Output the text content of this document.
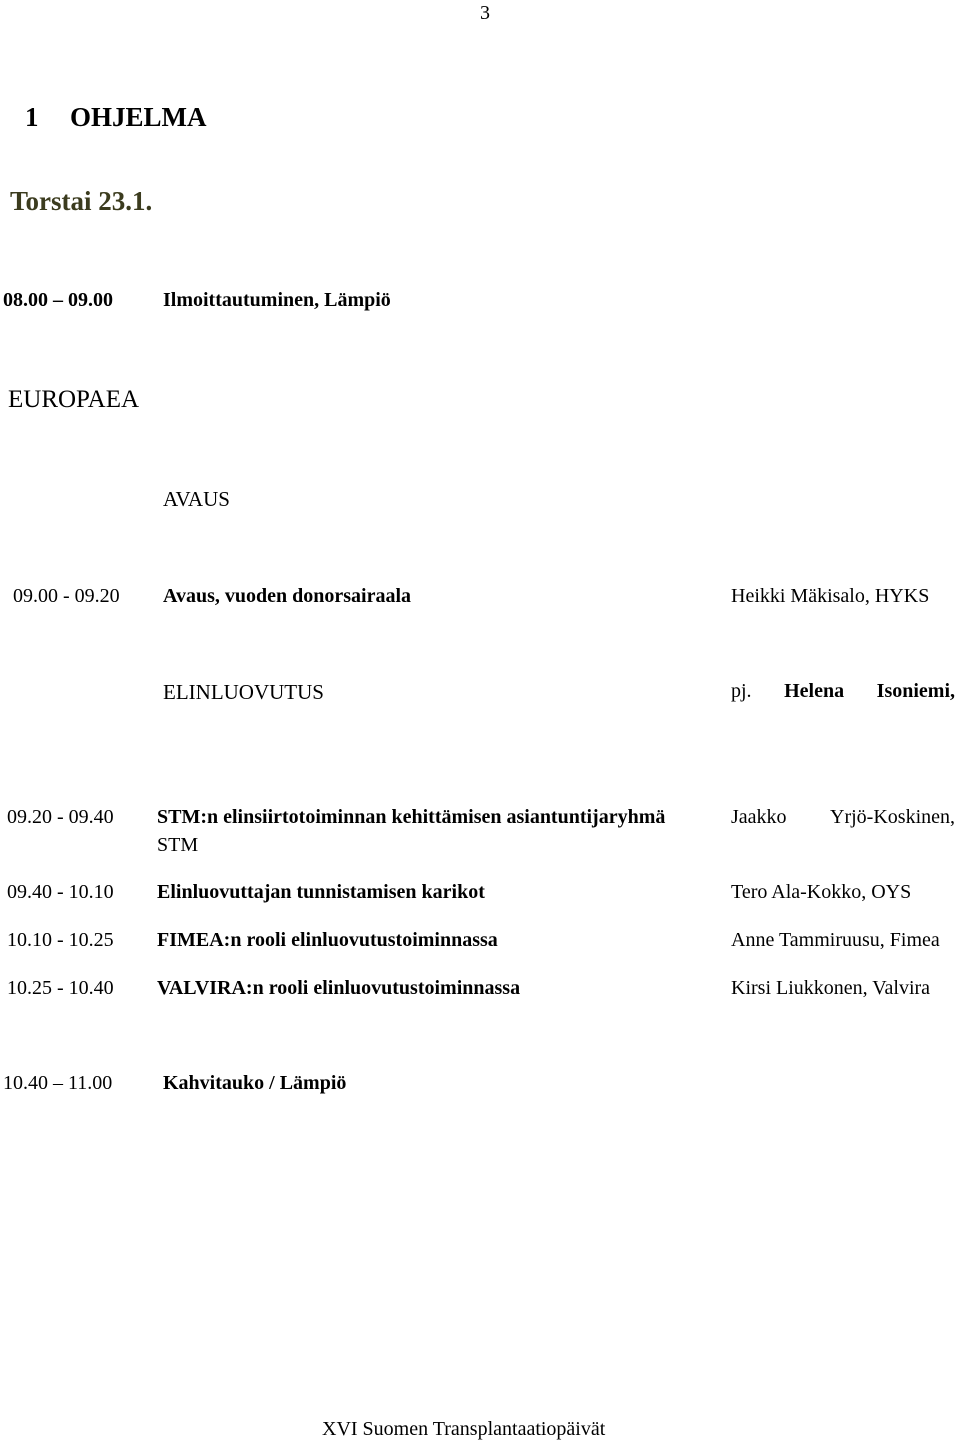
3
1 OHJELMA
Torstai 23.1.
08.00 – 09.00	Ilmoittautuminen, Lämpiö
EUROPAEA
AVAUS
09.00 - 09.20 Avaus, vuoden donorsairaala	Heikki Mäkisalo, HYKS
ELINLUOVUTUS	pj. Helena Isoniemi,
09.20 - 09.40 STM:n elinsiirtotoiminnan kehittämisen asiantuntijaryhmä	Jaakko Yrjö-Koskinen,
STM
09.40 - 10.10 Elinluovuttajan tunnistamisen karikot	Tero Ala-Kokko, OYS
10.10 - 10.25 FIMEA:n rooli elinluovutustoiminnassa	Anne Tammiruusu, Fimea
10.25 - 10.40 VALVIRA:n rooli elinluovutustoiminnassa	Kirsi Liukkonen, Valvira
10.40 – 11.00	Kahvitauko / Lämpiö
XVI Suomen Transplantaatiopäivät
